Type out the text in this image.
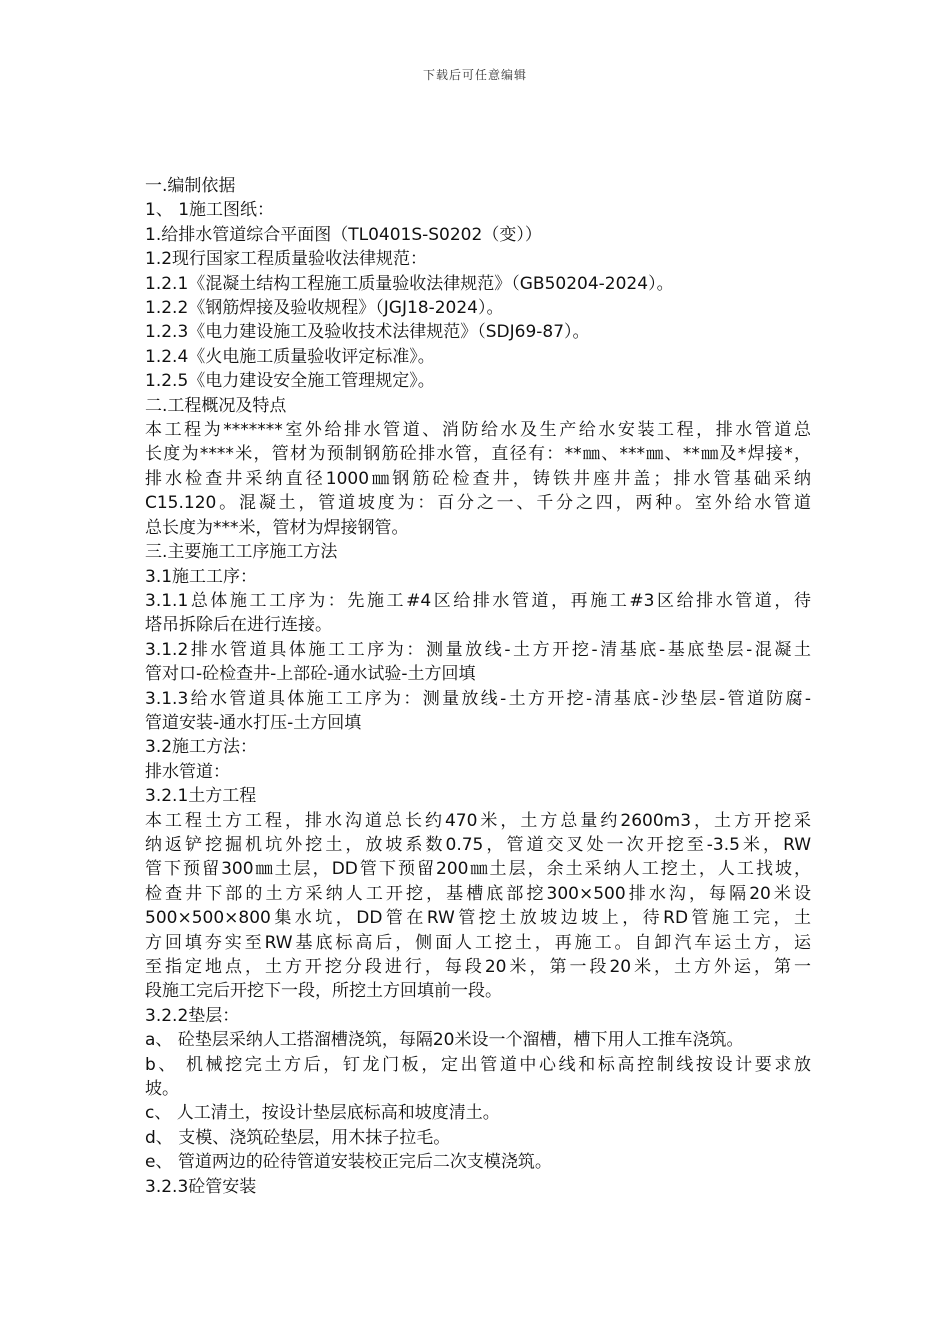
下载后可任意编辑
一.编制依据
1、 1施工图纸：
1.给排水管道综合平面图（TL0401S-S0202（变））
1.2现行国家工程质量验收法律规范：
1.2.1《混凝土结构工程施工质量验收法律规范》（GB50204-2024）。
1.2.2《钢筋焊接及验收规程》（JGJ18-2024）。
1.2.3《电力建设施工及验收技术法律规范》（SDJ69-87）。
1.2.4《火电施工质量验收评定标准》。
1.2.5《电力建设安全施工管理规定》。
二.工程概况及特点
本工程为*******室外给排水管道、消防给水及生产给水安装工程，排水管道总
长度为****米，管材为预制钢筋砼排水管，直径有：**㎜、***㎜、**㎜及*焊接*，
排水检查井采纳直径1000㎜钢筋砼检查井，铸铁井座井盖；排水管基础采纳
C15.120。混凝土，管道坡度为：百分之一、千分之四，两种。室外给水管道
总长度为***米，管材为焊接钢管。
三.主要施工工序施工方法
3.1施工工序：
3.1.1总体施工工序为：先施工#4区给排水管道，再施工#3区给排水管道，待
塔吊拆除后在进行连接。
3.1.2排水管道具体施工工序为：测量放线-土方开挖-清基底-基底垫层-混凝土
管对口-砼检查井-上部砼-通水试验-土方回填
3.1.3给水管道具体施工工序为：测量放线-土方开挖-清基底-沙垫层-管道防腐-
管道安装-通水打压-土方回填
3.2施工方法：
排水管道：
3.2.1土方工程
本工程土方工程，排水沟道总长约470米，土方总量约2600m3，土方开挖采
纳返铲挖掘机坑外挖土，放坡系数0.75，管道交叉处一次开挖至-3.5米，RW
管下预留300㎜土层，DD管下预留200㎜土层，余土采纳人工挖土，人工找坡，
检查井下部的土方采纳人工开挖，基槽底部挖300×500排水沟，每隔20米设
500×500×800集水坑，DD管在RW管挖土放坡边坡上，待RD管施工完，土
方回填夯实至RW基底标高后，侧面人工挖土，再施工。自卸汽车运土方，运
至指定地点，土方开挖分段进行，每段20米，第一段20米，土方外运，第一
段施工完后开挖下一段，所挖土方回填前一段。
3.2.2垫层：
a、 砼垫层采纳人工搭溜槽浇筑，每隔20米设一个溜槽，槽下用人工推车浇筑。
b、 机械挖完土方后，钉龙门板，定出管道中心线和标高控制线按设计要求放
坡。
c、 人工清土，按设计垫层底标高和坡度清土。
d、 支模、浇筑砼垫层，用木抹子拉毛。
e、 管道两边的砼待管道安装校正完后二次支模浇筑。
3.2.3砼管安装
